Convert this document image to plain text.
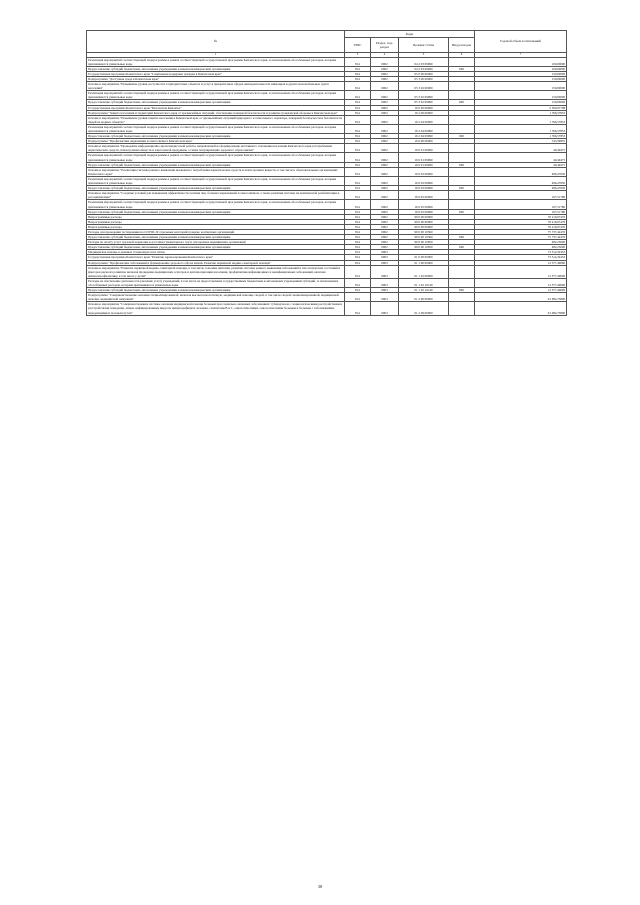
№	Коды				Годовой объем ассигнований
	ГРБС	Раздел, под-раздел	Целевая статья	Вид расходов	
1	3	4	5	6	7
Реализация мероприятий соответствующей подпрограммы в рамках соответствующей государственной программы Камчатского края, за исключением обособленных расходов, которым присваиваются уникальные коды	814	0902	04 2 03 09990		100,00000
Предоставление субсидий бюджетным, автономным учреждениям и иным некоммерческим организациям	814	0902	04 2 03 09990	600	100,00000
Государственная программа Камчатского края "Социальная поддержка граждан в Камчатском крае"	814	0902	05 0 00 00000		150,00000
Подпрограмма "Доступная среда в Камчатском крае"	814	0902	05 3 00 00000		150,00000
Основное мероприятие "Повышение уровня доступности в приоритетных объектах и услуг в приоритетных сферах жизнедеятельности инвалидов и других маломобильных групп населения"	814	0902	05 3 02 00000		150,00000
Реализация мероприятий соответствующей подпрограммы в рамках соответствующей государственной программы Камчатского края, за исключением обособленных расходов, которым присваиваются уникальные коды	814	0902	05 3 02 09990		150,00000
Предоставление субсидий бюджетным, автономным учреждениям и иным некоммерческим организациям	814	0902	05 3 02 09990	600	150,00000
Государственная программа Камчатского края "Безопасная Камчатка"	814	0902	16 0 00 00000		2 509,97708
Подпрограмма "Защита населения и территорий Камчатского края от чрезвычайных ситуаций, обеспечение пожарной безопасности и развитие гражданской обороны в Камчатском крае"	814	0902	16 2 00 00000		1 766,57853
Основное мероприятие "Повышение уровня защиты населения в Камчатском крае от чрезвычайных ситуаций природного и техногенного характера, пожарной безопасности и безопасности людей на водных объектах"	814	0902	16 2 04 00000		1 766,57853
Реализация мероприятий соответствующей подпрограммы в рамках соответствующей государственной программы Камчатского края, за исключением обособленных расходов, которым присваиваются уникальные коды	814	0902	16 2 04 09990		1 766,57853
Предоставление субсидий бюджетным, автономным учреждениям и иным некоммерческим организациям	814	0902	16 2 04 09990	600	1 766,57853
Подпрограмма "Профилактика наркомании и алкоголизма в Камчатском крае"	814	0902	16 6 00 00000		743,39855
Основное мероприятие "Проведение информационно-пропагандистской работы, направленной на формирование негативного отношения населения Камчатского края к потреблению наркотических средств, психотропных веществ и алкогольной продукции, а также популяризацию здорового образа жизни"	814	0902	16 6 01 00000		49,40475
Реализация мероприятий соответствующей подпрограммы в рамках соответствующей государственной программы Камчатского края, за исключением обособленных расходов, которым присваиваются уникальные коды	814	0902	16 6 01 09990		49,40475
Предоставление субсидий бюджетным, автономным учреждениям и иным некоммерческим организациям	814	0902	16 6 01 09990	600	49,40475
Основное мероприятие "Реализация системы раннего выявления незаконного потребления наркотических средств и психотропных веществ, в том числе в образовательных организациях Камчатского края"	814	0902	16 6 02 00000		496,47650
Реализация мероприятий соответствующей подпрограммы в рамках соответствующей государственной программы Камчатского края, за исключением обособленных расходов, которым присваиваются уникальные коды	814	0902	16 6 02 09990		496,47650
Предоставление субсидий бюджетным, автономным учреждениям и иным некоммерческим организациям	814	0902	16 6 02 09990	600	496,47650
Основное мероприятие "Создание условий для повышения эффективности лечения лиц, больных наркоманией и алкоголизмом, а также развития системы их комплексной реабилитации и ресоциализации"	814	0902	16 6 05 00000		197,51780
Реализация мероприятий соответствующей подпрограммы в рамках соответствующей государственной программы Камчатского края, за исключением обособленных расходов, которым присваиваются уникальные коды	814	0902	16 6 05 09990		197,51780
Предоставление субсидий бюджетным, автономным учреждениям и иным некоммерческим организациям	814	0902	16 6 05 09990	600	197,51780
Непрограммные расходы	814	0902	99 0 00 00000		76 219,67476
Непрограммные расходы	814	0902	99 0 00 00000		76 219,67476
Непрограммные расходы	814	0902	99 0 00 00000		76 219,67476
Расходы для проведения тестирования на COVID-19 отдельных категорий граждан, контактных организаций	814	0902	99 0 00 10560		75 737,42476
Предоставление субсидий бюджетным, автономным учреждениям и иным некоммерческим организациям	814	0902	99 0 00 10560	600	75 737,42476
Расходы по оплату услуг грузовой перевозки и доставки гуманитарного груза для краевых медицинских организаций	814	0902	99 0 00 10650		482,25000
Предоставление субсидий бюджетным, автономным учреждениям и иным некоммерческим организациям	814	0902	99 0 00 10650	600	482,25000
Медицинская помощь в дневных стационарах всех типов	814	0903			73 514,32453
Государственная программа Камчатского края "Развитие здравоохранения Камчатского края"	814	0903	01 0 00 00000		73 514,32453
Подпрограмма "Профилактика заболеваний и формирование здорового образа жизни. Развитие первичной медико-санитарной помощи"	814	0903	01 1 00 00000		12 377,40000
Основное мероприятие "Развитие первичной медико-санитарной помощи, в том числе сельским жителям, развитие системы раннего выявления заболеваний и патологических состояний и факторов риска их развития, включая проведение медицинских осмотров и диспансеризации населения, профилактика инфекционных и неинфекционных заболеваний, включая иммунопрофилактику, в том числе у детей"	814	0903	01 1 02 00000		12 377,40000
Расходы на обеспечение деятельности (оказание услуг) учреждений, в том числе на предоставление государственным бюджетным и автономным учреждениям субсидий, за исключением обособленных расходов, которым присваиваются уникальные коды	814	0903	01 1 02 10140		12 377,40000
Предоставление субсидий бюджетным, автономным учреждениям и иным некоммерческим организациям	814	0903	01 1 02 10140	600	12 377,40000
Подпрограмма "Совершенствование оказания специализированной, включая высокотехнологичную, медицинской помощи, скорой, в том числе скорой специализированной, медицинской помощи, медицинской эвакуации"	814	0903	01 2 00 00000		61 084,73800
Основное мероприятие "Совершенствование системы оказания медицинской помощи больным при социально-значимых заболеваниях: туберкулезом, с наркологическими расстройствами и расстройствами поведения, лицам, инфицированным вирусом иммунодефицита человека, гепатитами В и С, онкологическими, онкологическими больным и больным с заболеваниями, передающимися половым путем"	814	0903	01 2 09 00000		61 084,73800
38
